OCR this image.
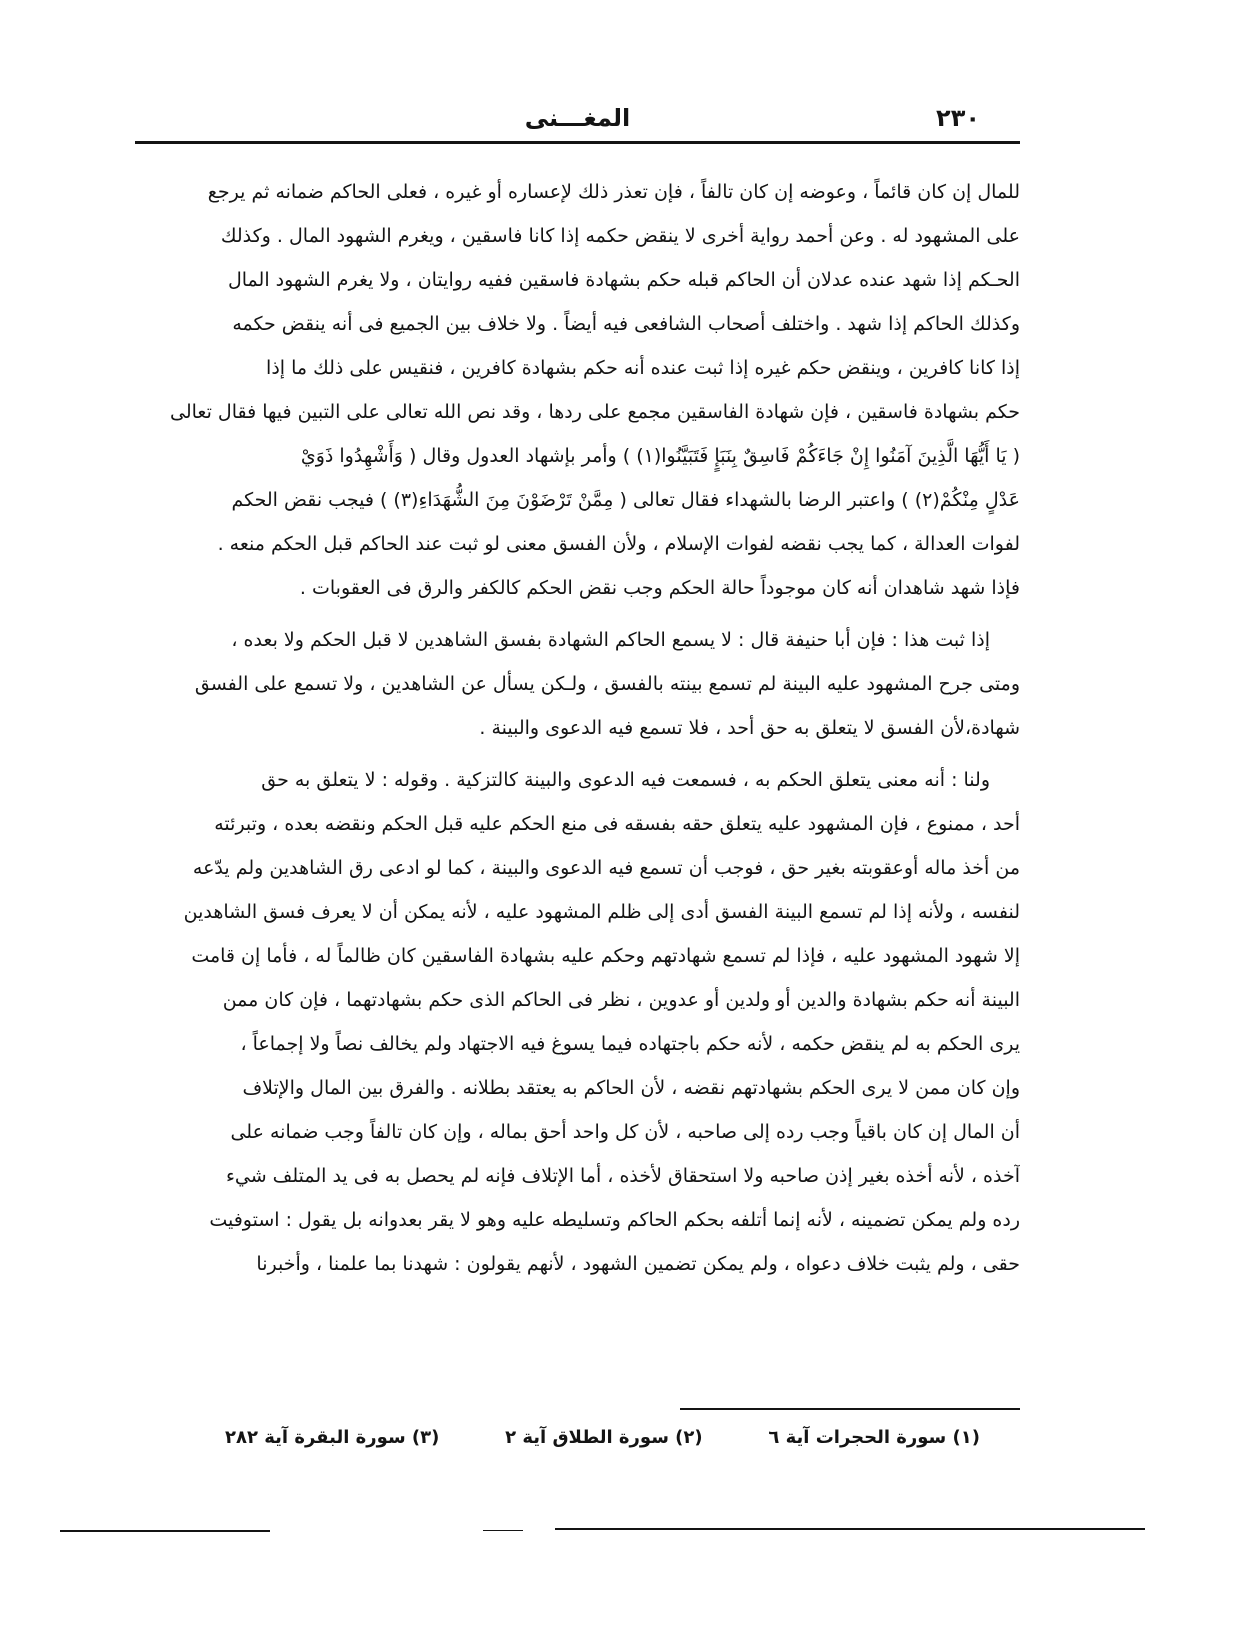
٢٣٠
المغـــنى
للمال إن كان قائماً ، وعوضه إن كان تالفاً ، فإن تعذر ذلك لإعساره أو غيره ، فعلى الحاكم ضمانه ثم يرجع
على المشهود له . وعن أحمد رواية أخرى لا ينقض حكمه إذا كانا فاسقين ، ويغرم الشهود المال . وكذلك
الحـكم إذا شهد عنده عدلان أن الحاكم قبله حكم بشهادة فاسقين ففيه روايتان ، ولا يغرم الشهود المال
وكذلك الحاكم إذا شهد . واختلف أصحاب الشافعى فيه أيضاً . ولا خلاف بين الجميع فى أنه ينقض حكمه
إذا كانا كافرين ، وينقض حكم غيره إذا ثبت عنده أنه حكم بشهادة كافرين ، فنقيس على ذلك ما إذا
حكم بشهادة فاسقين ، فإن شهادة الفاسقين مجمع على ردها ، وقد نص الله تعالى على التبين فيها فقال تعالى
( يَا أَيُّهَا الَّذِينَ آمَنُوا إِنْ جَاءَكُمْ فَاسِقٌ بِنَبَإٍ فَتَبَيَّنُوا(١) ) وأمر بإشهاد العدول وقال ( وَأَشْهِدُوا ذَوَيْ
عَدْلٍ مِنْكُمْ(٢) ) واعتبر الرضا بالشهداء فقال تعالى ( مِمَّنْ تَرْضَوْنَ مِنَ الشُّهَدَاءِ(٣) ) فيجب نقض الحكم
لفوات العدالة ، كما يجب نقضه لفوات الإسلام ، ولأن الفسق معنى لو ثبت عند الحاكم قبل الحكم منعه .
فإذا شهد شاهدان أنه كان موجوداً حالة الحكم وجب نقض الحكم كالكفر والرق فى العقوبات .
إذا ثبت هذا : فإن أبا حنيفة قال : لا يسمع الحاكم الشهادة بفسق الشاهدين لا قبل الحكم ولا بعده ،
ومتى جرح المشهود عليه البينة لم تسمع بينته بالفسق ، ولـكن يسأل عن الشاهدين ، ولا تسمع على الفسق
شهادة،لأن الفسق لا يتعلق به حق أحد ، فلا تسمع فيه الدعوى والبينة .
ولنا : أنه معنى يتعلق الحكم به ، فسمعت فيه الدعوى والبينة كالتزكية . وقوله : لا يتعلق به حق
أحد ، ممنوع ، فإن المشهود عليه يتعلق حقه بفسقه فى منع الحكم عليه قبل الحكم ونقضه بعده ، وتبرئته
من أخذ ماله أوعقوبته بغير حق ، فوجب أن تسمع فيه الدعوى والبينة ، كما لو ادعى رق الشاهدين ولم يدّعه
لنفسه ، ولأنه إذا لم تسمع البينة الفسق أدى إلى ظلم المشهود عليه ، لأنه يمكن أن لا يعرف فسق الشاهدين
إلا شهود المشهود عليه ، فإذا لم تسمع شهادتهم وحكم عليه بشهادة الفاسقين كان ظالماً له ، فأما إن قامت
البينة أنه حكم بشهادة والدين أو ولدين أو عدوين ، نظر فى الحاكم الذى حكم بشهادتهما ، فإن كان ممن
يرى الحكم به لم ينقض حكمه ، لأنه حكم باجتهاده فيما يسوغ فيه الاجتهاد ولم يخالف نصاً ولا إجماعاً ،
وإن كان ممن لا يرى الحكم بشهادتهم نقضه ، لأن الحاكم به يعتقد بطلانه . والفرق بين المال والإتلاف
أن المال إن كان باقياً وجب رده إلى صاحبه ، لأن كل واحد أحق بماله ، وإن كان تالفاً وجب ضمانه على
آخذه ، لأنه أخذه بغير إذن صاحبه ولا استحقاق لأخذه ، أما الإتلاف فإنه لم يحصل به فى يد المتلف شيء
رده ولم يمكن تضمينه ، لأنه إنما أتلفه بحكم الحاكم وتسليطه عليه وهو لا يقر بعدوانه بل يقول : استوفيت
حقى ، ولم يثبت خلاف دعواه ، ولم يمكن تضمين الشهود ، لأنهم يقولون : شهدنا بما علمنا ، وأخبرنا
(١) سورة الحجرات آية ٦
(٢) سورة الطلاق آية ٢
(٣) سورة البقرة آية ٢٨٢
